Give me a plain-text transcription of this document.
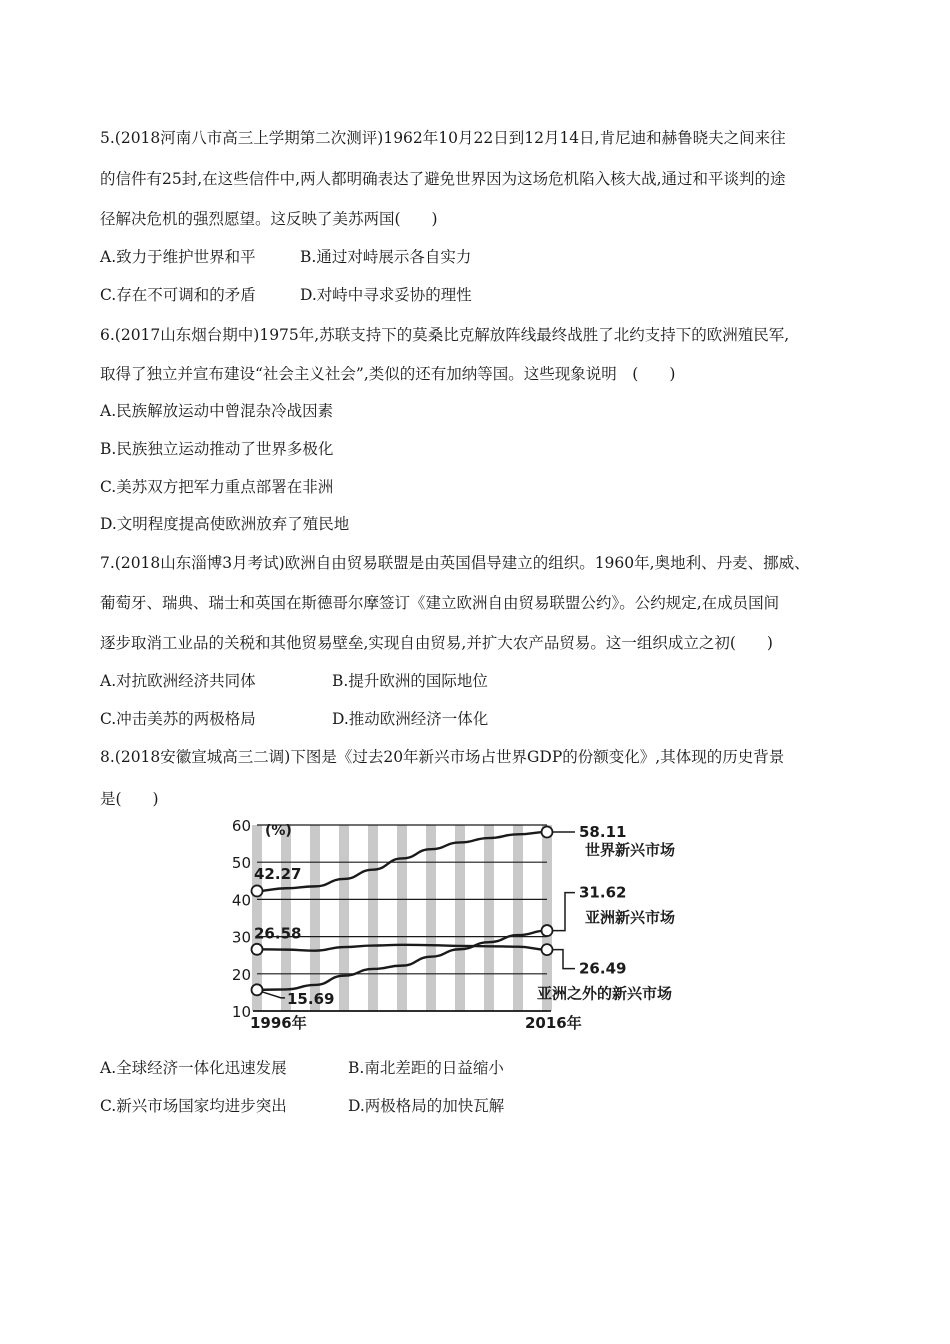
5.(2018河南八市高三上学期第二次测评)1962年10月22日到12月14日,肯尼迪和赫鲁晓夫之间来往
的信件有25封,在这些信件中,两人都明确表达了避免世界因为这场危机陷入核大战,通过和平谈判的途
径解决危机的强烈愿望。这反映了美苏两国(　　)
A.致力于维护世界和平	B.通过对峙展示各自实力
C.存在不可调和的矛盾	D.对峙中寻求妥协的理性
6.(2017山东烟台期中)1975年,苏联支持下的莫桑比克解放阵线最终战胜了北约支持下的欧洲殖民军,
取得了独立并宣布建设“社会主义社会”,类似的还有加纳等国。这些现象说明　(　　)
A.民族解放运动中曾混杂冷战因素
B.民族独立运动推动了世界多极化
C.美苏双方把军力重点部署在非洲
D.文明程度提高使欧洲放弃了殖民地
7.(2018山东淄博3月考试)欧洲自由贸易联盟是由英国倡导建立的组织。1960年,奥地利、丹麦、挪威、
葡萄牙、瑞典、瑞士和英国在斯德哥尔摩签订《建立欧洲自由贸易联盟公约》。公约规定,在成员国间
逐步取消工业品的关税和其他贸易壁垒,实现自由贸易,并扩大农产品贸易。这一组织成立之初(　　)
A.对抗欧洲经济共同体	B.提升欧洲的国际地位
C.冲击美苏的两极格局	D.推动欧洲经济一体化
8.(2018安徽宣城高三二调)下图是《过去20年新兴市场占世界GDP的份额变化》,其体现的历史背景
是(　　)
10
20
30
40
50
60 (%)
1996年	2016年
42.27
26.58
15.69
58.11
世界新兴市场
31.62
亚洲新兴市场
26.49
亚洲之外的新兴市场
A.全球经济一体化迅速发展	B.南北差距的日益缩小
C.新兴市场国家均进步突出	D.两极格局的加快瓦解
